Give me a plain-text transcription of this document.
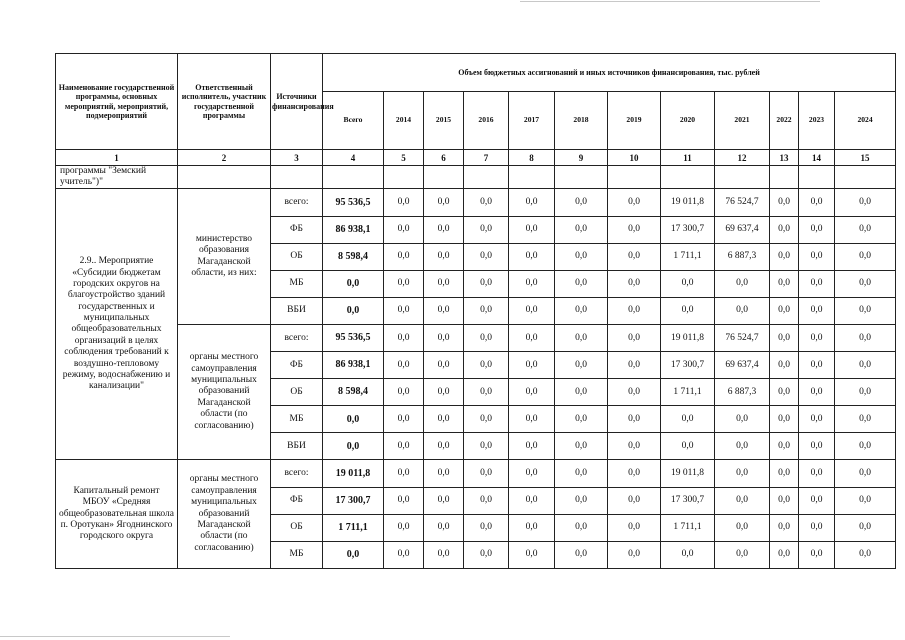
Наименование государственной программы, основных мероприятий, мероприятий, подмероприятий	Ответственный исполнитель, участник государственной программы	Источники финансирования	Объем бюджетных ассигнований и иных источников финансирования, тыс. рублей											
			Всего	2014	2015	2016	2017	2018	2019	2020	2021	2022	2023	2024
1	2	3	4	5	6	7	8	9	10	11	12	13	14	15
программы "Земский учитель")"														
2.9.. Мероприятие «Субсидии бюджетам городских округов на благоустройство зданий государственных и муниципальных общеобразовательных организаций в целях соблюдения требований к воздушно-тепловому режиму, водоснабжению и канализации"	министерство образования Магаданской области, из них:	всего:	95 536,5	0,0	0,0	0,0	0,0	0,0	0,0	19 011,8	76 524,7	0,0	0,0	0,0
		ФБ	86 938,1	0,0	0,0	0,0	0,0	0,0	0,0	17 300,7	69 637,4	0,0	0,0	0,0
		ОБ	8 598,4	0,0	0,0	0,0	0,0	0,0	0,0	1 711,1	6 887,3	0,0	0,0	0,0
		МБ	0,0	0,0	0,0	0,0	0,0	0,0	0,0	0,0	0,0	0,0	0,0	0,0
		ВБИ	0,0	0,0	0,0	0,0	0,0	0,0	0,0	0,0	0,0	0,0	0,0	0,0
	органы местного самоуправления муниципальных образований Магаданской области (по согласованию)	всего:	95 536,5	0,0	0,0	0,0	0,0	0,0	0,0	19 011,8	76 524,7	0,0	0,0	0,0
		ФБ	86 938,1	0,0	0,0	0,0	0,0	0,0	0,0	17 300,7	69 637,4	0,0	0,0	0,0
		ОБ	8 598,4	0,0	0,0	0,0	0,0	0,0	0,0	1 711,1	6 887,3	0,0	0,0	0,0
		МБ	0,0	0,0	0,0	0,0	0,0	0,0	0,0	0,0	0,0	0,0	0,0	0,0
		ВБИ	0,0	0,0	0,0	0,0	0,0	0,0	0,0	0,0	0,0	0,0	0,0	0,0
Капитальный ремонт МБОУ «Средняя общеобразовательная школа п. Оротукан» Ягоднинского городского округа	органы местного самоуправления муниципальных образований Магаданской области (по согласованию)	всего:	19 011,8	0,0	0,0	0,0	0,0	0,0	0,0	19 011,8	0,0	0,0	0,0	0,0
		ФБ	17 300,7	0,0	0,0	0,0	0,0	0,0	0,0	17 300,7	0,0	0,0	0,0	0,0
		ОБ	1 711,1	0,0	0,0	0,0	0,0	0,0	0,0	1 711,1	0,0	0,0	0,0	0,0
		МБ	0,0	0,0	0,0	0,0	0,0	0,0	0,0	0,0	0,0	0,0	0,0	0,0
